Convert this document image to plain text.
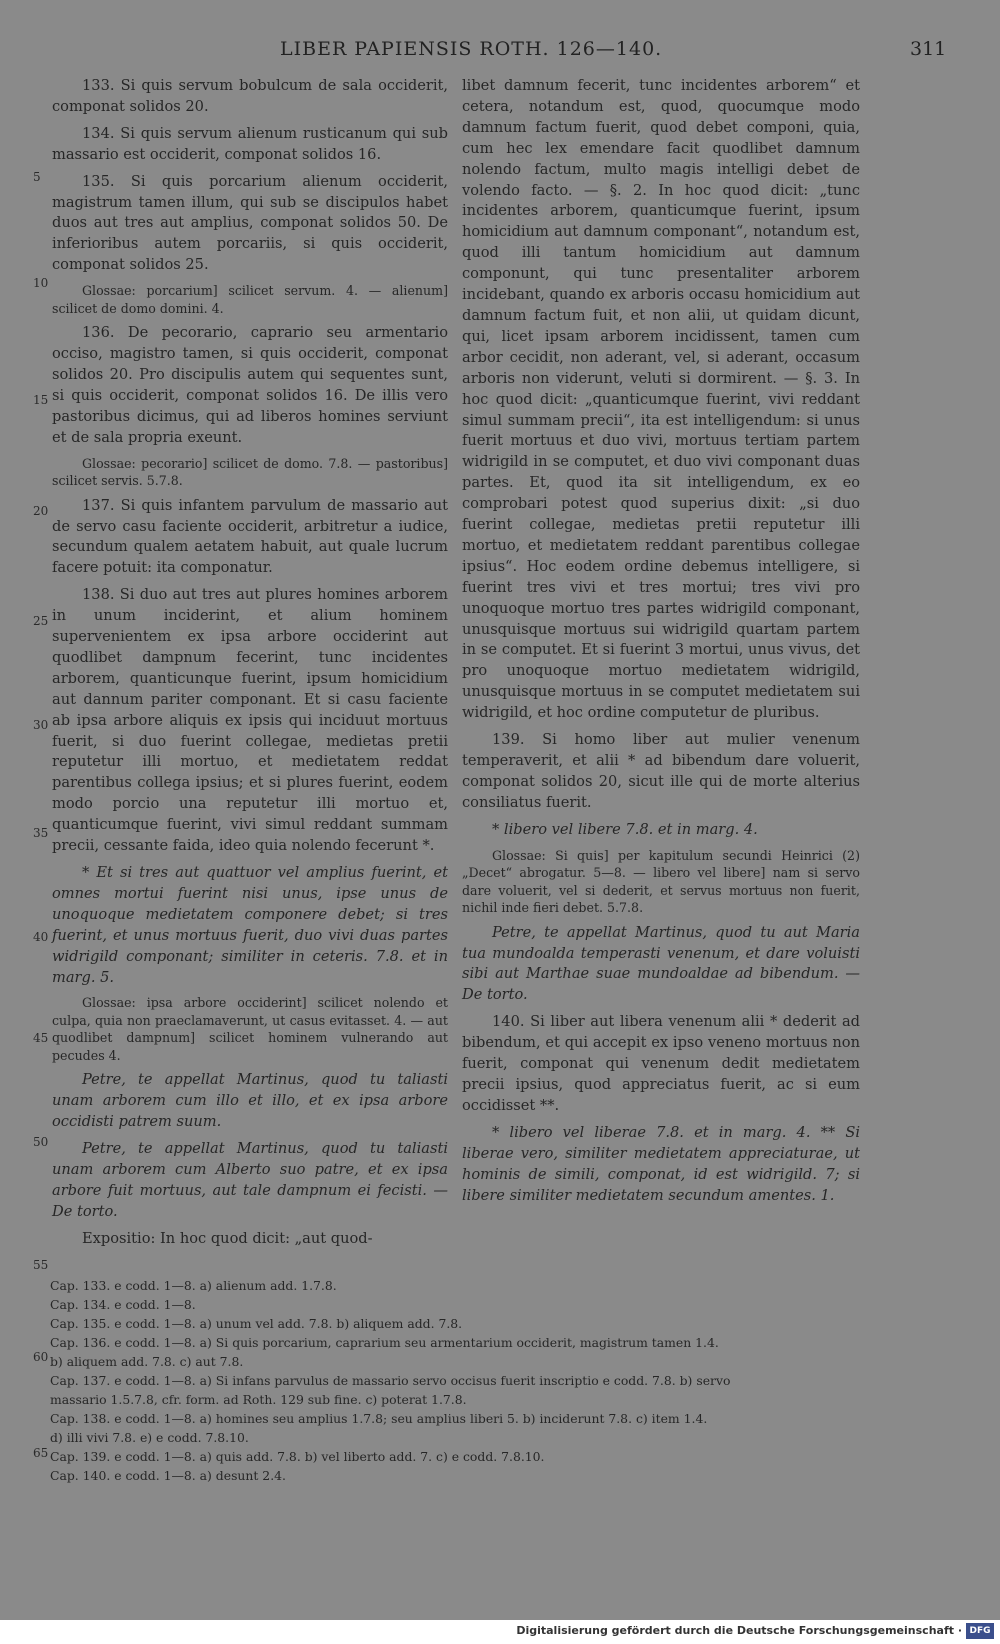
LIBER PAPIENSIS ROTH. 126—140.	311
5
10
15
20
25
30
35
40
45
50
55
60
65

133. Si quis servum bobulcum de sala occiderit, componat solidos 20.

134. Si quis servum alienum rusticanum qui sub massario est occiderit, componat solidos 16.

135. Si quis porcarium alienum occiderit, magistrum tamen illum, qui sub se discipulos habet duos aut tres aut amplius, componat solidos 50. De inferioribus autem porcariis, si quis occiderit, componat solidos 25.

Glossae: porcarium] scilicet servum. 4. — alienum] scilicet de domo domini. 4.

136. De pecorario, caprario seu armentario occiso, magistro tamen, si quis occiderit, componat solidos 20. Pro discipulis autem qui sequentes sunt, si quis occiderit, componat solidos 16. De illis vero pastoribus dicimus, qui ad liberos homines serviunt et de sala propria exeunt.

Glossae: pecorario] scilicet de domo. 7.8. — pastoribus] scilicet servis. 5.7.8.

137. Si quis infantem parvulum de massario aut de servo casu faciente occiderit, arbitretur a iudice, secundum qualem aetatem habuit, aut quale lucrum facere potuit: ita componatur.

138. Si duo aut tres aut plures homines arborem in unum inciderint, et alium hominem supervenientem ex ipsa arbore occiderint aut quodlibet dampnum fecerint, tunc incidentes arborem, quanticunque fuerint, ipsum homicidium aut dannum pariter componant. Et si casu faciente ab ipsa arbore aliquis ex ipsis qui inciduut mortuus fuerit, si duo fuerint collegae, medietas pretii reputetur illi mortuo, et medietatem reddat parentibus collega ipsius; et si plures fuerint, eodem modo porcio una reputetur illi mortuo et, quanticumque fuerint, vivi simul reddant summam precii, cessante faida, ideo quia nolendo fecerunt *.

* Et si tres aut quattuor vel amplius fuerint, et omnes mortui fuerint nisi unus, ipse unus de unoquoque medietatem componere debet; si tres fuerint, et unus mortuus fuerit, duo vivi duas partes widrigild componant; similiter in ceteris. 7.8. et in marg. 5.

Glossae: ipsa arbore occiderint] scilicet nolendo et culpa, quia non praeclamaverunt, ut casus evitasset. 4. — aut quodlibet dampnum] scilicet hominem vulnerando aut pecudes 4.

Petre, te appellat Martinus, quod tu taliasti unam arborem cum illo et illo, et ex ipsa arbore occidisti patrem suum.

Petre, te appellat Martinus, quod tu taliasti unam arborem cum Alberto suo patre, et ex ipsa arbore fuit mortuus, aut tale dampnum ei fecisti. — De torto.

Expositio: In hoc quod dicit: „aut quod-

libet damnum fecerit, tunc incidentes arborem“ et cetera, notandum est, quod, quocumque modo damnum factum fuerit, quod debet componi, quia, cum hec lex emendare facit quodlibet damnum nolendo factum, multo magis intelligi debet de volendo facto. — §. 2. In hoc quod dicit: „tunc incidentes arborem, quanticumque fuerint, ipsum homicidium aut damnum componant“, notandum est, quod illi tantum homicidium aut damnum componunt, qui tunc presentaliter arborem incidebant, quando ex arboris occasu homicidium aut damnum factum fuit, et non alii, ut quidam dicunt, qui, licet ipsam arborem incidissent, tamen cum arbor cecidit, non aderant, vel, si aderant, occasum arboris non viderunt, veluti si dormirent. — §. 3. In hoc quod dicit: „quanticumque fuerint, vivi reddant simul summam precii“, ita est intelligendum: si unus fuerit mortuus et duo vivi, mortuus tertiam partem widrigild in se computet, et duo vivi componant duas partes. Et, quod ita sit intelligendum, ex eo comprobari potest quod superius dixit: „si duo fuerint collegae, medietas pretii reputetur illi mortuo, et medietatem reddant parentibus collegae ipsius“. Hoc eodem ordine debemus intelligere, si fuerint tres vivi et tres mortui; tres vivi pro unoquoque mortuo tres partes widrigild componant, unusquisque mortuus sui widrigild quartam partem in se computet. Et si fuerint 3 mortui, unus vivus, det pro unoquoque mortuo medietatem widrigild, unusquisque mortuus in se computet medietatem sui widrigild, et hoc ordine computetur de pluribus.

139. Si homo liber aut mulier venenum temperaverit, et alii * ad bibendum dare voluerit, componat solidos 20, sicut ille qui de morte alterius consiliatus fuerit.

* libero vel libere 7.8. et in marg. 4.

Glossae: Si quis] per kapitulum secundi Heinrici (2) „Decet“ abrogatur. 5—8. — libero vel libere] nam si servo dare voluerit, vel si dederit, et servus mortuus non fuerit, nichil inde fieri debet. 5.7.8.

Petre, te appellat Martinus, quod tu aut Maria tua mundoalda temperasti venenum, et dare voluisti sibi aut Marthae suae mundoaldae ad bibendum. — De torto.

140. Si liber aut libera venenum alii * dederit ad bibendum, et qui accepit ex ipso veneno mortuus non fuerit, componat qui venenum dedit medietatem precii ipsius, quod appreciatus fuerit, ac si eum occidisset **.

* libero vel liberae 7.8. et in marg. 4. ** Si liberae vero, similiter medietatem appreciaturae, ut hominis de simili, componat, id est widrigild. 7; si libere similiter medietatem secundum amentes. 1.

Cap. 133. e codd. 1—8. a) alienum add. 1.7.8.
Cap. 134. e codd. 1—8.
Cap. 135. e codd. 1—8. a) unum vel add. 7.8. b) aliquem add. 7.8.
Cap. 136. e codd. 1—8. a) Si quis porcarium, caprarium seu armentarium occiderit, magistrum tamen 1.4.
b) aliquem add. 7.8. c) aut 7.8.
Cap. 137. e codd. 1—8. a) Si infans parvulus de massario servo occisus fuerit inscriptio e codd. 7.8. b) servo
massario 1.5.7.8, cfr. form. ad Roth. 129 sub fine. c) poterat 1.7.8.
Cap. 138. e codd. 1—8. a) homines seu amplius 1.7.8; seu amplius liberi 5. b) inciderunt 7.8. c) item 1.4.
d) illi vivi 7.8. e) e codd. 7.8.10.
Cap. 139. e codd. 1—8. a) quis add. 7.8. b) vel liberto add. 7. c) e codd. 7.8.10.
Cap. 140. e codd. 1—8. a) desunt 2.4.
Digitalisierung gefördert durch die Deutsche Forschungsgemeinschaft · DFG
